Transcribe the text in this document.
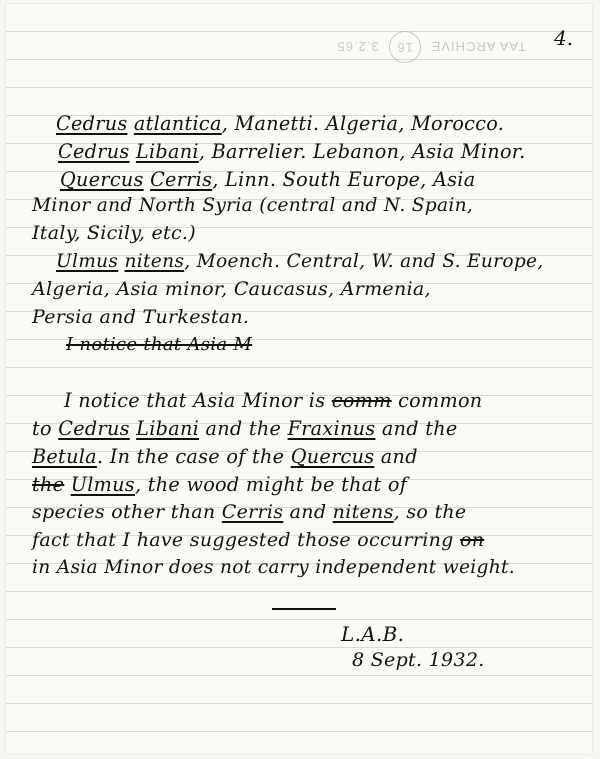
TAA ARCHIVE
16
3.2.65	4.
Cedrus atlantica, Manetti. Algeria, Morocco.
Cedrus Libani, Barrelier. Lebanon, Asia Minor.
Quercus Cerris, Linn. South Europe, Asia
Minor and North Syria (central and N. Spain,
Italy, Sicily, etc.)
Ulmus nitens, Moench. Central, W. and S. Europe,
Algeria, Asia minor, Caucasus, Armenia,
Persia and Turkestan.
I notice that Asia M
I notice that Asia Minor is comm common
to Cedrus Libani and the Fraxinus and the
Betula. In the case of the Quercus and
the Ulmus, the wood might be that of
species other than Cerris and nitens, so the
fact that I have suggested those occurring on
in Asia Minor does not carry independent weight.
L.A.B.
8 Sept. 1932.
